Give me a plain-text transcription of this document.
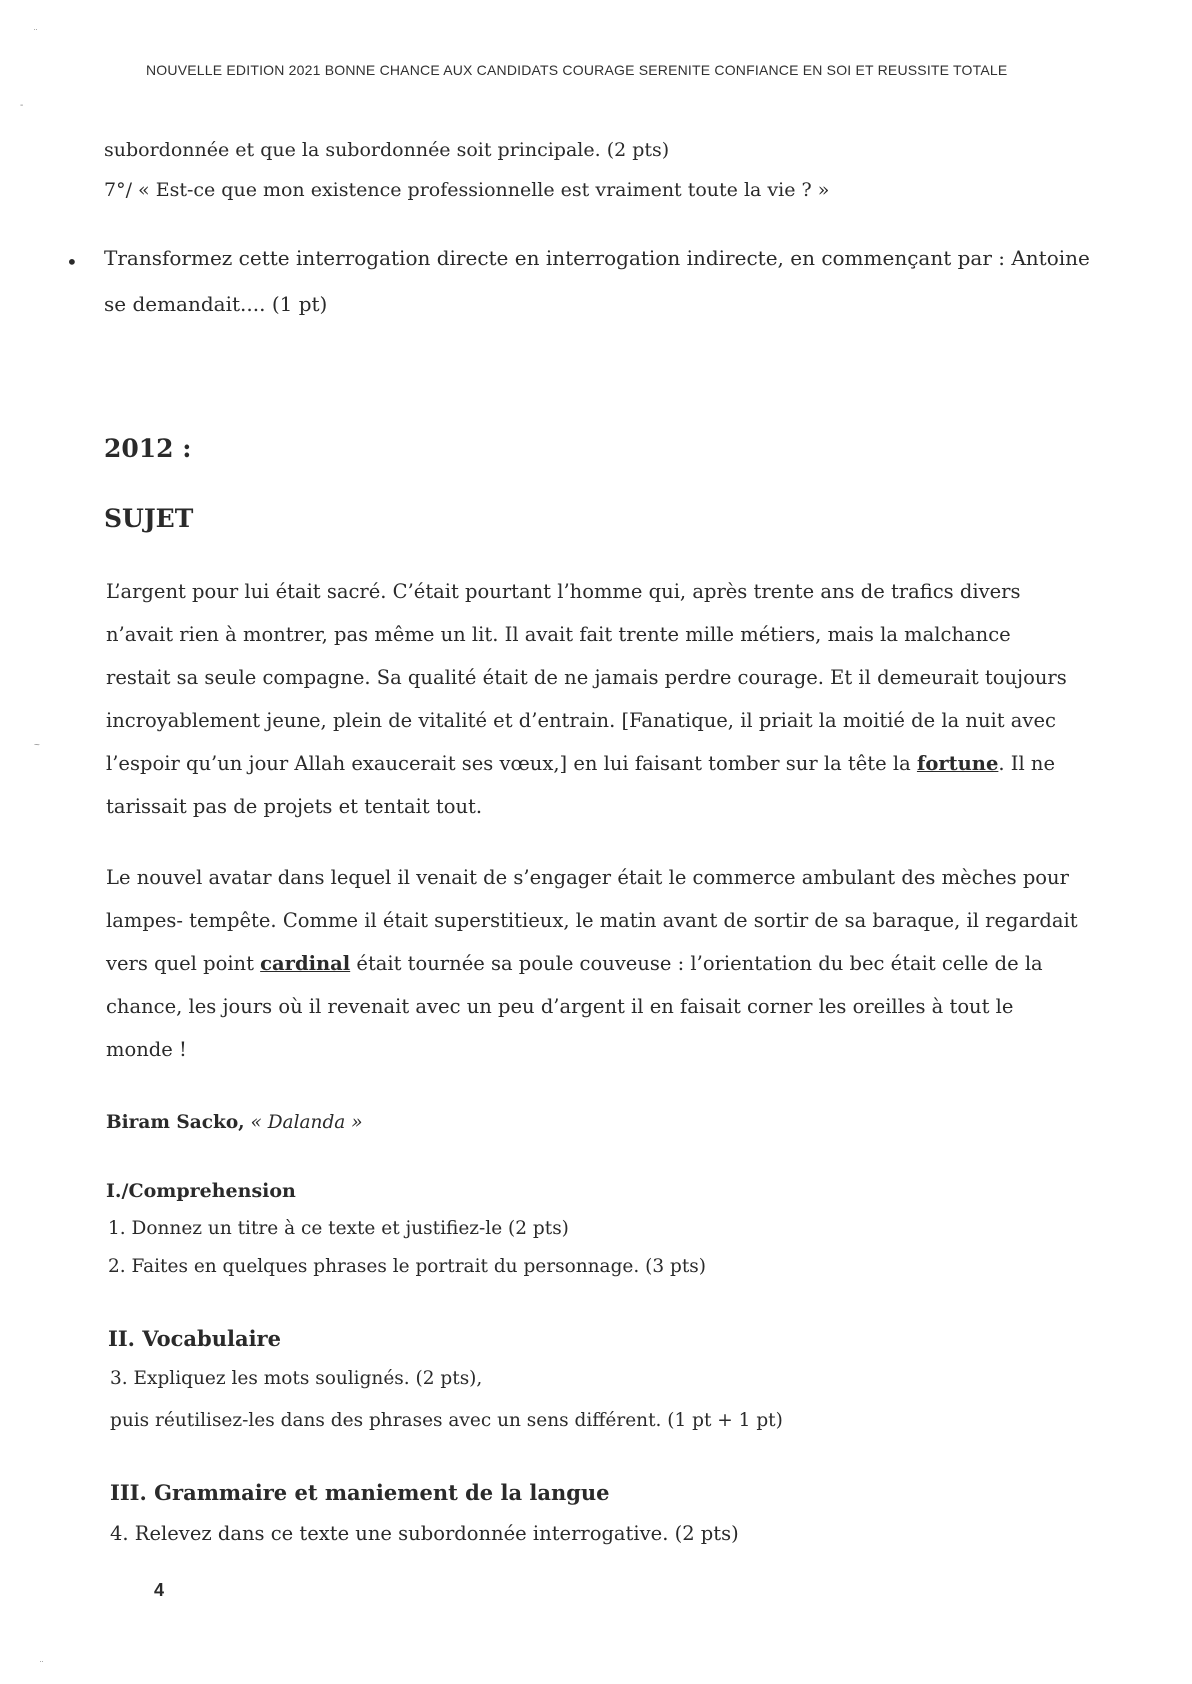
NOUVELLE EDITION 2021 BONNE CHANCE AUX CANDIDATS COURAGE SERENITE CONFIANCE EN SOI ET REUSSITE TOTALE
subordonnée et que la subordonnée soit principale. (2 pts)
7°/ « Est-ce que mon existence professionnelle est vraiment toute la vie ? »
• Transformez cette interrogation directe en interrogation indirecte, en commençant par : Antoine
se demandait.... (1 pt)
2012 :
SUJET

L’argent pour lui était sacré. C’était pourtant l’homme qui, après trente ans de trafics divers

n’avait rien à montrer, pas même un lit. Il avait fait trente mille métiers, mais la malchance

restait sa seule compagne. Sa qualité était de ne jamais perdre courage. Et il demeurait toujours

incroyablement jeune, plein de vitalité et d’entrain. [Fanatique, il priait la moitié de la nuit avec

l’espoir qu’un jour Allah exaucerait ses vœux,] en lui faisant tomber sur la tête la fortune. Il ne

tarissait pas de projets et tentait tout.

Le nouvel avatar dans lequel il venait de s’engager était le commerce ambulant des mèches pour

lampes- tempête. Comme il était superstitieux, le matin avant de sortir de sa baraque, il regardait

vers quel point cardinal était tournée sa poule couveuse : l’orientation du bec était celle de la

chance, les jours où il revenait avec un peu d’argent il en faisait corner les oreilles à tout le

monde !

Biram Sacko, « Dalanda »
I./Comprehension
1. Donnez un titre à ce texte et justifiez-le (2 pts)
2. Faites en quelques phrases le portrait du personnage. (3 pts)
II. Vocabulaire
3. Expliquez les mots soulignés. (2 pts),
puis réutilisez-les dans des phrases avec un sens différent. (1 pt + 1 pt)
III. Grammaire et maniement de la langue
4. Relevez dans ce texte une subordonnée interrogative. (2 pts)
4
¨
-
~
¨
